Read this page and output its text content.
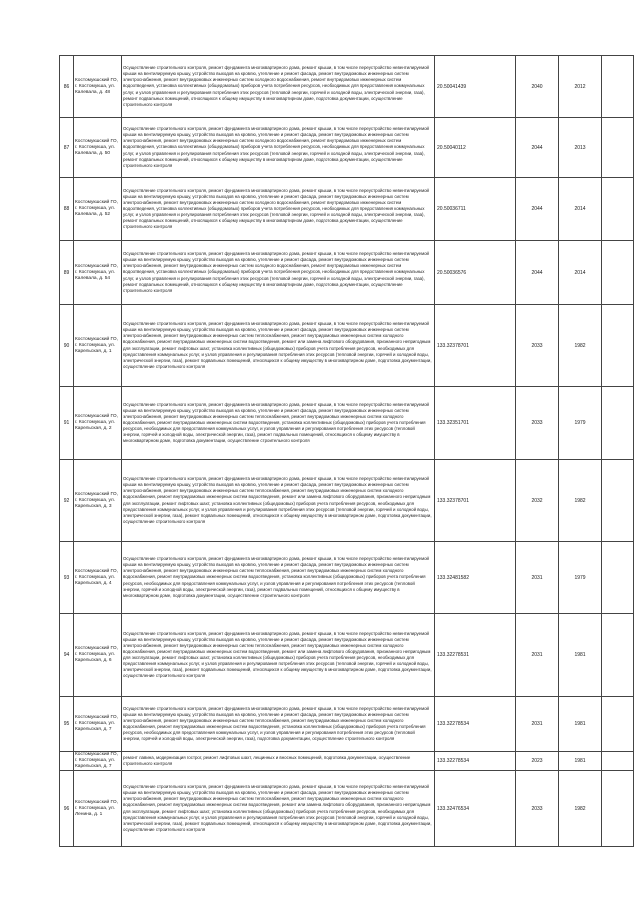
86	Костомукшский ГО, г. Костомукша, ул. Калевала, д. 48	Осуществление строительного контроля, ремонт фундамента многоквартирного дома, ремонт крыши, в том числе переустройство невентилируемой крыши на вентилируемую крышу, устройство выходов на кровлю, утепление и ремонт фасада, ремонт внутридомовых инженерных систем электроснабжения, ремонт внутридомовых инженерных систем холодного водоснабжения, ремонт внутридомовых инженерных систем водоотведения, установка коллективных (общедомовых) приборов учета потребления ресурсов, необходимых для предоставления коммунальных услуг, и узлов управления и регулирования потребления этих ресурсов (тепловой энергии, горячей и холодной воды, электрической энергии, газа), ремонт подвальных помещений, относящихся к общему имуществу в многоквартирном доме, подготовка документации, осуществление строительного контроля	20.50041439	2040	2012	
87	Костомукшский ГО, г. Костомукша, ул. Калевала, д. 50	Осуществление строительного контроля, ремонт фундамента многоквартирного дома, ремонт крыши, в том числе переустройство невентилируемой крыши на вентилируемую крышу, устройство выходов на кровлю, утепление и ремонт фасада, ремонт внутридомовых инженерных систем электроснабжения, ремонт внутридомовых инженерных систем холодного водоснабжения, ремонт внутридомовых инженерных систем водоотведения, установка коллективных (общедомовых) приборов учета потребления ресурсов, необходимых для предоставления коммунальных услуг, и узлов управления и регулирования потребления этих ресурсов (тепловой энергии, горячей и холодной воды, электрической энергии, газа), ремонт подвальных помещений, относящихся к общему имуществу в многоквартирном доме, подготовка документации, осуществление строительного контроля	20.50040112	2044	2013	
88	Костомукшский ГО, г. Костомукша, ул. Калевала, д. 52	Осуществление строительного контроля, ремонт фундамента многоквартирного дома, ремонт крыши, в том числе переустройство невентилируемой крыши на вентилируемую крышу, устройство выходов на кровлю, утепление и ремонт фасада, ремонт внутридомовых инженерных систем электроснабжения, ремонт внутридомовых инженерных систем холодного водоснабжения, ремонт внутридомовых инженерных систем водоотведения, установка коллективных (общедомовых) приборов учета потребления ресурсов, необходимых для предоставления коммунальных услуг, и узлов управления и регулирования потребления этих ресурсов (тепловой энергии, горячей и холодной воды, электрической энергии, газа), ремонт подвальных помещений, относящихся к общему имуществу в многоквартирном доме, подготовка документации, осуществление строительного контроля	20.50036711	2044	2014	
89	Костомукшский ГО, г. Костомукша, ул. Калевала, д. 54	Осуществление строительного контроля, ремонт фундамента многоквартирного дома, ремонт крыши, в том числе переустройство невентилируемой крыши на вентилируемую крышу, устройство выходов на кровлю, утепление и ремонт фасада, ремонт внутридомовых инженерных систем электроснабжения, ремонт внутридомовых инженерных систем холодного водоснабжения, ремонт внутридомовых инженерных систем водоотведения, установка коллективных (общедомовых) приборов учета потребления ресурсов, необходимых для предоставления коммунальных услуг, и узлов управления и регулирования потребления этих ресурсов (тепловой энергии, горячей и холодной воды, электрической энергии, газа), ремонт подвальных помещений, относящихся к общему имуществу в многоквартирном доме, подготовка документации, осуществление строительного контроля	20.50036576	2044	2014	
90	Костомукшский ГО, г. Костомукша, ул. Карельская, д. 1	Осуществление строительного контроля, ремонт фундамента многоквартирного дома, ремонт крыши, в том числе переустройство невентилируемой крыши на вентилируемую крышу, устройство выходов на кровлю, утепление и ремонт фасада, ремонт внутридомовых инженерных систем электроснабжения, ремонт внутридомовых инженерных систем теплоснабжения, ремонт внутридомовых инженерных систем холодного водоснабжения, ремонт внутридомовых инженерных систем водоотведения, ремонт или замена лифтового оборудования, признанного непригодным для эксплуатации, ремонт лифтовых шахт, установка коллективных (общедомовых) приборов учета потребления ресурсов, необходимых для предоставления коммунальных услуг, и узлов управления и регулирования потребления этих ресурсов (тепловой энергии, горячей и холодной воды, электрической энергии, газа), ремонт подвальных помещений, относящихся к общему имуществу в многоквартирном доме, подготовка документации, осуществление строительного контроля	133.32378701	2033	1982	
91	Костомукшский ГО, г. Костомукша, ул. Карельская, д. 2	Осуществление строительного контроля, ремонт фундамента многоквартирного дома, ремонт крыши, в том числе переустройство невентилируемой крыши на вентилируемую крышу, устройство выходов на кровлю, утепление и ремонт фасада, ремонт внутридомовых инженерных систем электроснабжения, ремонт внутридомовых инженерных систем теплоснабжения, ремонт внутридомовых инженерных систем холодного водоснабжения, ремонт внутридомовых инженерных систем водоотведения, установка коллективных (общедомовых) приборов учета потребления ресурсов, необходимых для предоставления коммунальных услуг, и узлов управления и регулирования потребления этих ресурсов (тепловой энергии, горячей и холодной воды, электрической энергии, газа), ремонт подвальных помещений, относящихся к общему имуществу в многоквартирном доме, подготовка документации, осуществление строительного контроля	133.32351701	2033	1979	
92	Костомукшский ГО, г. Костомукша, ул. Карельская, д. 3	Осуществление строительного контроля, ремонт фундамента многоквартирного дома, ремонт крыши, в том числе переустройство невентилируемой крыши на вентилируемую крышу, устройство выходов на кровлю, утепление и ремонт фасада, ремонт внутридомовых инженерных систем электроснабжения, ремонт внутридомовых инженерных систем теплоснабжения, ремонт внутридомовых инженерных систем холодного водоснабжения, ремонт внутридомовых инженерных систем водоотведения, ремонт или замена лифтового оборудования, признанного непригодным для эксплуатации, ремонт лифтовых шахт, установка коллективных (общедомовых) приборов учета потребления ресурсов, необходимых для предоставления коммунальных услуг, и узлов управления и регулирования потребления этих ресурсов (тепловой энергии, горячей и холодной воды, электрической энергии, газа), ремонт подвальных помещений, относящихся к общему имуществу в многоквартирном доме, подготовка документации, осуществление строительного контроля	133.32378701	2032	1982	
93	Костомукшский ГО, г. Костомукша, ул. Карельская, д. 4	Осуществление строительного контроля, ремонт фундамента многоквартирного дома, ремонт крыши, в том числе переустройство невентилируемой крыши на вентилируемую крышу, устройство выходов на кровлю, утепление и ремонт фасада, ремонт внутридомовых инженерных систем электроснабжения, ремонт внутридомовых инженерных систем теплоснабжения, ремонт внутридомовых инженерных систем холодного водоснабжения, ремонт внутридомовых инженерных систем водоотведения, установка коллективных (общедомовых) приборов учета потребления ресурсов, необходимых для предоставления коммунальных услуг, и узлов управления и регулирования потребления этих ресурсов (тепловой энергии, горячей и холодной воды, электрической энергии, газа), ремонт подвальных помещений, относящихся к общему имуществу в многоквартирном доме, подготовка документации, осуществление строительного контроля	133.32481582	2031	1979	
94	Костомукшский ГО, г. Костомукша, ул. Карельская, д. 6	Осуществление строительного контроля, ремонт фундамента многоквартирного дома, ремонт крыши, в том числе переустройство невентилируемой крыши на вентилируемую крышу, устройство выходов на кровлю, утепление и ремонт фасада, ремонт внутридомовых инженерных систем электроснабжения, ремонт внутридомовых инженерных систем теплоснабжения, ремонт внутридомовых инженерных систем холодного водоснабжения, ремонт внутридомовых инженерных систем водоотведения, ремонт или замена лифтового оборудования, признанного непригодным для эксплуатации, ремонт лифтовых шахт, установка коллективных (общедомовых) приборов учета потребления ресурсов, необходимых для предоставления коммунальных услуг, и узлов управления и регулирования потребления этих ресурсов (тепловой энергии, горячей и холодной воды, электрической энергии, газа), ремонт подвальных помещений, относящихся к общему имуществу в многоквартирном доме, подготовка документации, осуществление строительного контроля	133.32278531	2031	1981	
95	Костомукшский ГО, г. Костомукша, ул. Карельская, д. 7	Осуществление строительного контроля, ремонт фундамента многоквартирного дома, ремонт крыши, в том числе переустройство невентилируемой крыши на вентилируемую крышу, устройство выходов на кровлю, утепление и ремонт фасада, ремонт внутридомовых инженерных систем электроснабжения, ремонт внутридомовых инженерных систем теплоснабжения, ремонт внутридомовых инженерных систем холодного водоснабжения, ремонт внутридомовых инженерных систем водоотведения, установка коллективных (общедомовых) приборов учета потребления ресурсов, необходимых для предоставления коммунальных услуг, и узлов управления и регулирования потребления этих ресурсов (тепловой энергии, горячей и холодной воды, электрической энергии, газа), подготовка документации, осуществление строительного контроля	133.32278534	2031	1981	
	Костомукшский ГО, г. Костомукша, ул. Карельская, д. 7	ремонт лавина, модернизация гострог, ремонт лифтовых шахт, лещинных и вносных помещений, подготовка документации, осуществление строительного контроля	133.32278534	2023	1981	
96	Костомукшский ГО, г. Костомукша, ул. Ленина, д. 1	Осуществление строительного контроля, ремонт фундамента многоквартирного дома, ремонт крыши, в том числе переустройство невентилируемой крыши на вентилируемую крышу, устройство выходов на кровлю, утепление и ремонт фасада, ремонт внутридомовых инженерных систем электроснабжения, ремонт внутридомовых инженерных систем теплоснабжения, ремонт внутридомовых инженерных систем холодного водоснабжения, ремонт внутридомовых инженерных систем водоотведения, ремонт или замена лифтового оборудования, признанного непригодным для эксплуатации, ремонт лифтовых шахт, установка коллективных (общедомовых) приборов учета потребления ресурсов, необходимых для предоставления коммунальных услуг, и узлов управления и регулирования потребления этих ресурсов (тепловой энергии, горячей и холодной воды, электрической энергии, газа), ремонт подвальных помещений, относящихся к общему имуществу в многоквартирном доме, подготовка документации, осуществление строительного контроля	133.32476534	2033	1982	
